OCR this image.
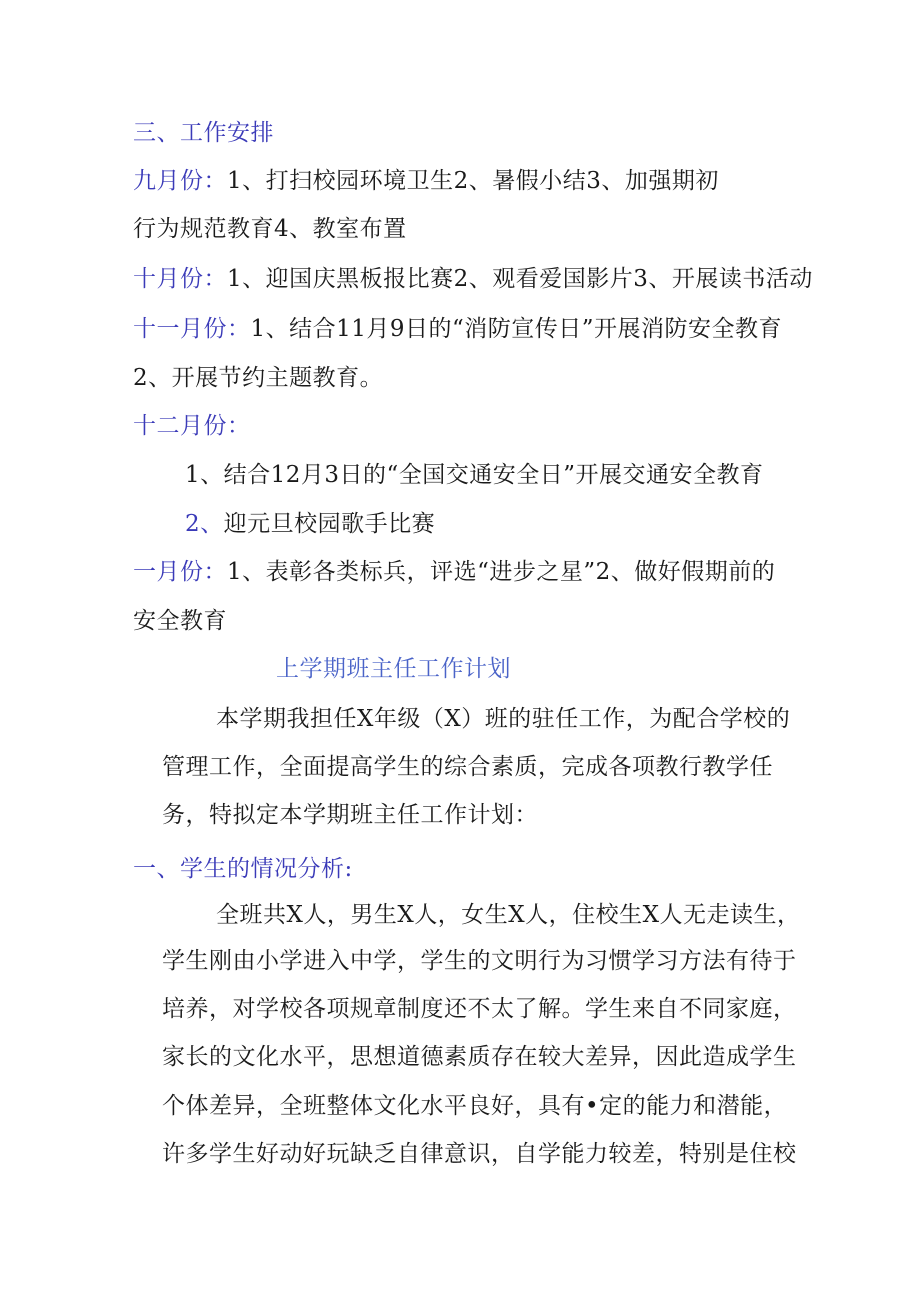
三、工作安排
九月份：1、打扫校园环境卫生2、暑假小结3、加强期初
行为规范教育4、教室布置
十月份：1、迎国庆黑板报比赛2、观看爱国影片3、开展读书活动
十一月份：1、结合11月9日的“消防宣传日”开展消防安全教育
2、开展节约主题教育。
十二月份：
1、结合12月3日的“全国交通安全日”开展交通安全教育
2、迎元旦校园歌手比赛
一月份：1、表彰各类标兵，评选“进步之星”2、做好假期前的
安全教育
上学期班主任工作计划
本学期我担任X年级（X）班的驻任工作，为配合学校的
管理工作，全面提高学生的综合素质，完成各项教行教学任
务，特拟定本学期班主任工作计划：
一、学生的情况分析:
全班共X人，男生X人，女生X人，住校生X人无走读生，
学生刚由小学进入中学，学生的文明行为习惯学习方法有待于
培养，对学校各项规章制度还不太了解。学生来自不同家庭，
家长的文化水平，思想道德素质存在较大差异，因此造成学生
个体差异，全班整体文化水平良好，具有•定的能力和潜能，
许多学生好动好玩缺乏自律意识，自学能力较差，特别是住校
